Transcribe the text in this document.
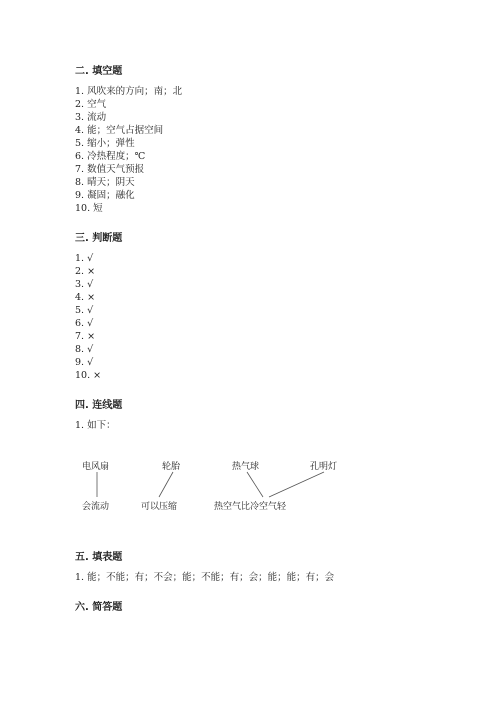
二. 填空题
1. 风吹来的方向；南；北
2. 空气
3. 流动
4. 能；空气占据空间
5. 缩小；弹性
6. 冷热程度；℃
7. 数值天气预报
8. 晴天；阴天
9. 凝固；融化
10. 短
三. 判断题
1. √
2. ×
3. √
4. ×
5. √
6. √
7. ×
8. √
9. √
10. ×
四. 连线题
1. 如下：
电风扇	轮胎	热气球	孔明灯
会流动	可以压缩	热空气比冷空气轻
五. 填表题
1. 能；不能；有；不会；能；不能；有；会；能；能；有；会
六. 简答题
